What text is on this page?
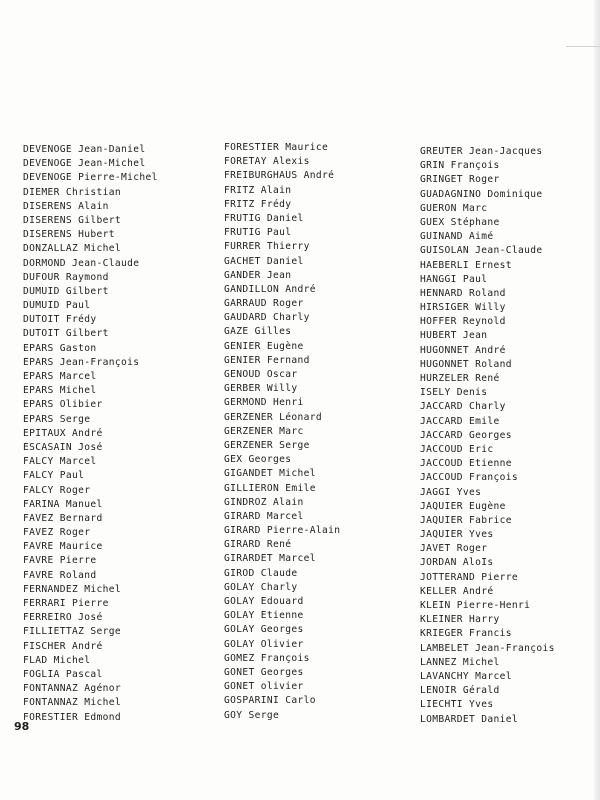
DEVENOGE Jean-Daniel
DEVENOGE Jean-Michel
DEVENOGE Pierre-Michel
DIEMER Christian
DISERENS Alain
DISERENS Gilbert
DISERENS Hubert
DONZALLAZ Michel
DORMOND Jean-Claude
DUFOUR Raymond
DUMUID Gilbert
DUMUID Paul
DUTOIT Frédy
DUTOIT Gilbert
EPARS Gaston
EPARS Jean-François
EPARS Marcel
EPARS Michel
EPARS Olibier
EPARS Serge
EPITAUX André
ESCASAIN José
FALCY Marcel
FALCY Paul
FALCY Roger
FARINA Manuel
FAVEZ Bernard
FAVEZ Roger
FAVRE Maurice
FAVRE Pierre
FAVRE Roland
FERNANDEZ Michel
FERRARI Pierre
FERREIRO José
FILLIETTAZ Serge
FISCHER André
FLAD Michel
FOGLIA Pascal
FONTANNAZ Agénor
FONTANNAZ Michel
FORESTIER Edmond
FORESTIER Maurice
FORETAY Alexis
FREIBURGHAUS André
FRITZ Alain
FRITZ Frédy
FRUTIG Daniel
FRUTIG Paul
FURRER Thierry
GACHET Daniel
GANDER Jean
GANDILLON André
GARRAUD Roger
GAUDARD Charly
GAZE Gilles
GENIER Eugène
GENIER Fernand
GENOUD Oscar
GERBER Willy
GERMOND Henri
GERZENER Léonard
GERZENER Marc
GERZENER Serge
GEX Georges
GIGANDET Michel
GILLIERON Emile
GINDROZ Alain
GIRARD Marcel
GIRARD Pierre-Alain
GIRARD René
GIRARDET Marcel
GIROD Claude
GOLAY Charly
GOLAY Edouard
GOLAY Etienne
GOLAY Georges
GOLAY Olivier
GOMEZ François
GONET Georges
GONET olivier
GOSPARINI Carlo
GOY Serge
GREUTER Jean-Jacques
GRIN François
GRINGET Roger
GUADAGNINO Dominique
GUERON Marc
GUEX Stéphane
GUINAND Aimé
GUISOLAN Jean-Claude
HAEBERLI Ernest
HANGGI Paul
HENNARD Roland
HIRSIGER Willy
HOFFER Reynold
HUBERT Jean
HUGONNET André
HUGONNET Roland
HURZELER René
ISELY Denis
JACCARD Charly
JACCARD Emile
JACCARD Georges
JACCOUD Eric
JACCOUD Etienne
JACCOUD François
JAGGI Yves
JAQUIER Eugène
JAQUIER Fabrice
JAQUIER Yves
JAVET Roger
JORDAN AloIs
JOTTERAND Pierre
KELLER André
KLEIN Pierre-Henri
KLEINER Harry
KRIEGER Francis
LAMBELET Jean-François
LANNEZ Michel
LAVANCHY Marcel
LENOIR Gérald
LIECHTI Yves
LOMBARDET Daniel
98
